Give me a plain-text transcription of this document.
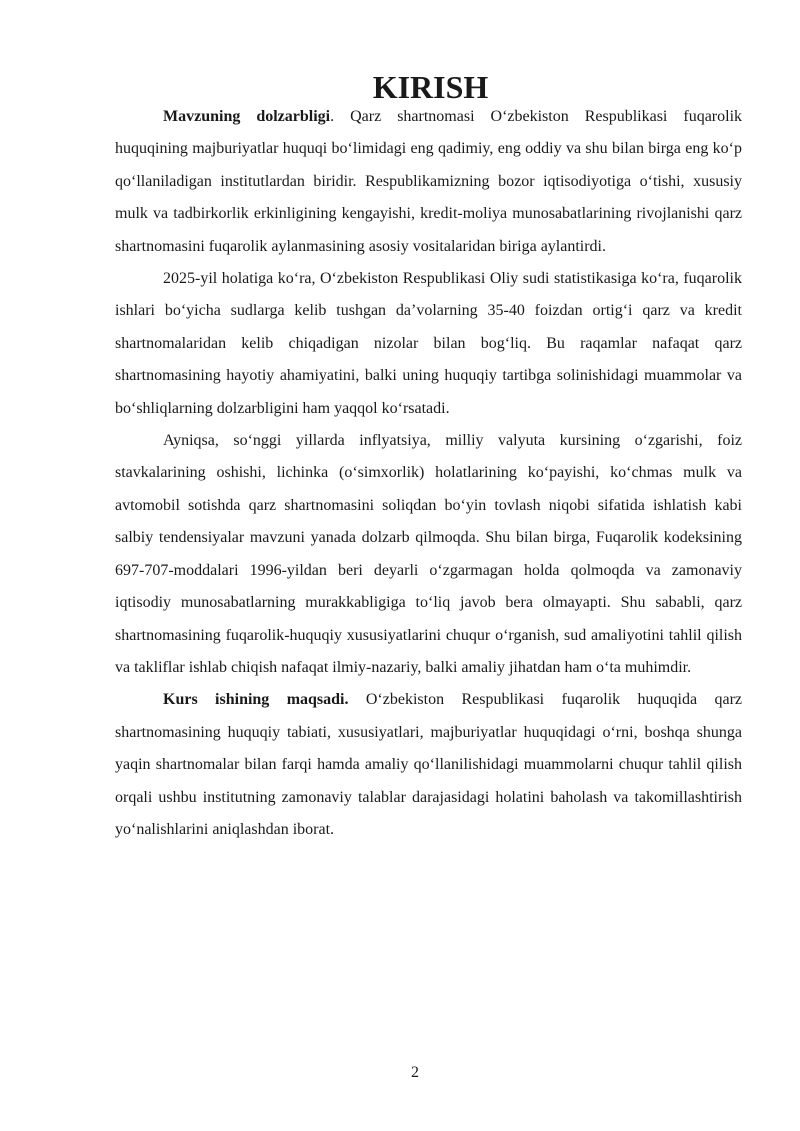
KIRISH

Mavzuning dolzarbligi. Qarz shartnomasi O‘zbekiston Respublikasi fuqarolik huquqining majburiyatlar huquqi bo‘limidagi eng qadimiy, eng oddiy va shu bilan birga eng ko‘p qo‘llaniladigan institutlardan biridir. Respublikamizning bozor iqtisodiyotiga o‘tishi, xususiy mulk va tadbirkorlik erkinligining kengayishi, kredit-moliya munosabatlarining rivojlanishi qarz shartnomasini fuqarolik aylanmasining asosiy vositalaridan biriga aylantirdi.

2025-yil holatiga ko‘ra, O‘zbekiston Respublikasi Oliy sudi statistikasiga ko‘ra, fuqarolik ishlari bo‘yicha sudlarga kelib tushgan da’volarning 35-40 foizdan ortig‘i qarz va kredit shartnomalaridan kelib chiqadigan nizolar bilan bog‘liq. Bu raqamlar nafaqat qarz shartnomasining hayotiy ahamiyatini, balki uning huquqiy tartibga solinishidagi muammolar va bo‘shliqlarning dolzarbligini ham yaqqol ko‘rsatadi.

Ayniqsa, so‘nggi yillarda inflyatsiya, milliy valyuta kursining o‘zgarishi, foiz stavkalarining oshishi, lichinka (o‘simxorlik) holatlarining ko‘payishi, ko‘chmas mulk va avtomobil sotishda qarz shartnomasini soliqdan bo‘yin tovlash niqobi sifatida ishlatish kabi salbiy tendensiyalar mavzuni yanada dolzarb qilmoqda. Shu bilan birga, Fuqarolik kodeksining 697-707-moddalari 1996-yildan beri deyarli o‘zgarmagan holda qolmoqda va zamonaviy iqtisodiy munosabatlarning murakkabligiga to‘liq javob bera olmayapti. Shu sababli, qarz shartnomasining fuqarolik-huquqiy xususiyatlarini chuqur o‘rganish, sud amaliyotini tahlil qilish va takliflar ishlab chiqish nafaqat ilmiy-nazariy, balki amaliy jihatdan ham o‘ta muhimdir.

Kurs ishining maqsadi. O‘zbekiston Respublikasi fuqarolik huquqida qarz shartnomasining huquqiy tabiati, xususiyatlari, majburiyatlar huquqidagi o‘rni, boshqa shunga yaqin shartnomalar bilan farqi hamda amaliy qo‘llanilishidagi muammolarni chuqur tahlil qilish orqali ushbu institutning zamonaviy talablar darajasidagi holatini baholash va takomillashtirish yo‘nalishlarini aniqlashdan iborat.

2
